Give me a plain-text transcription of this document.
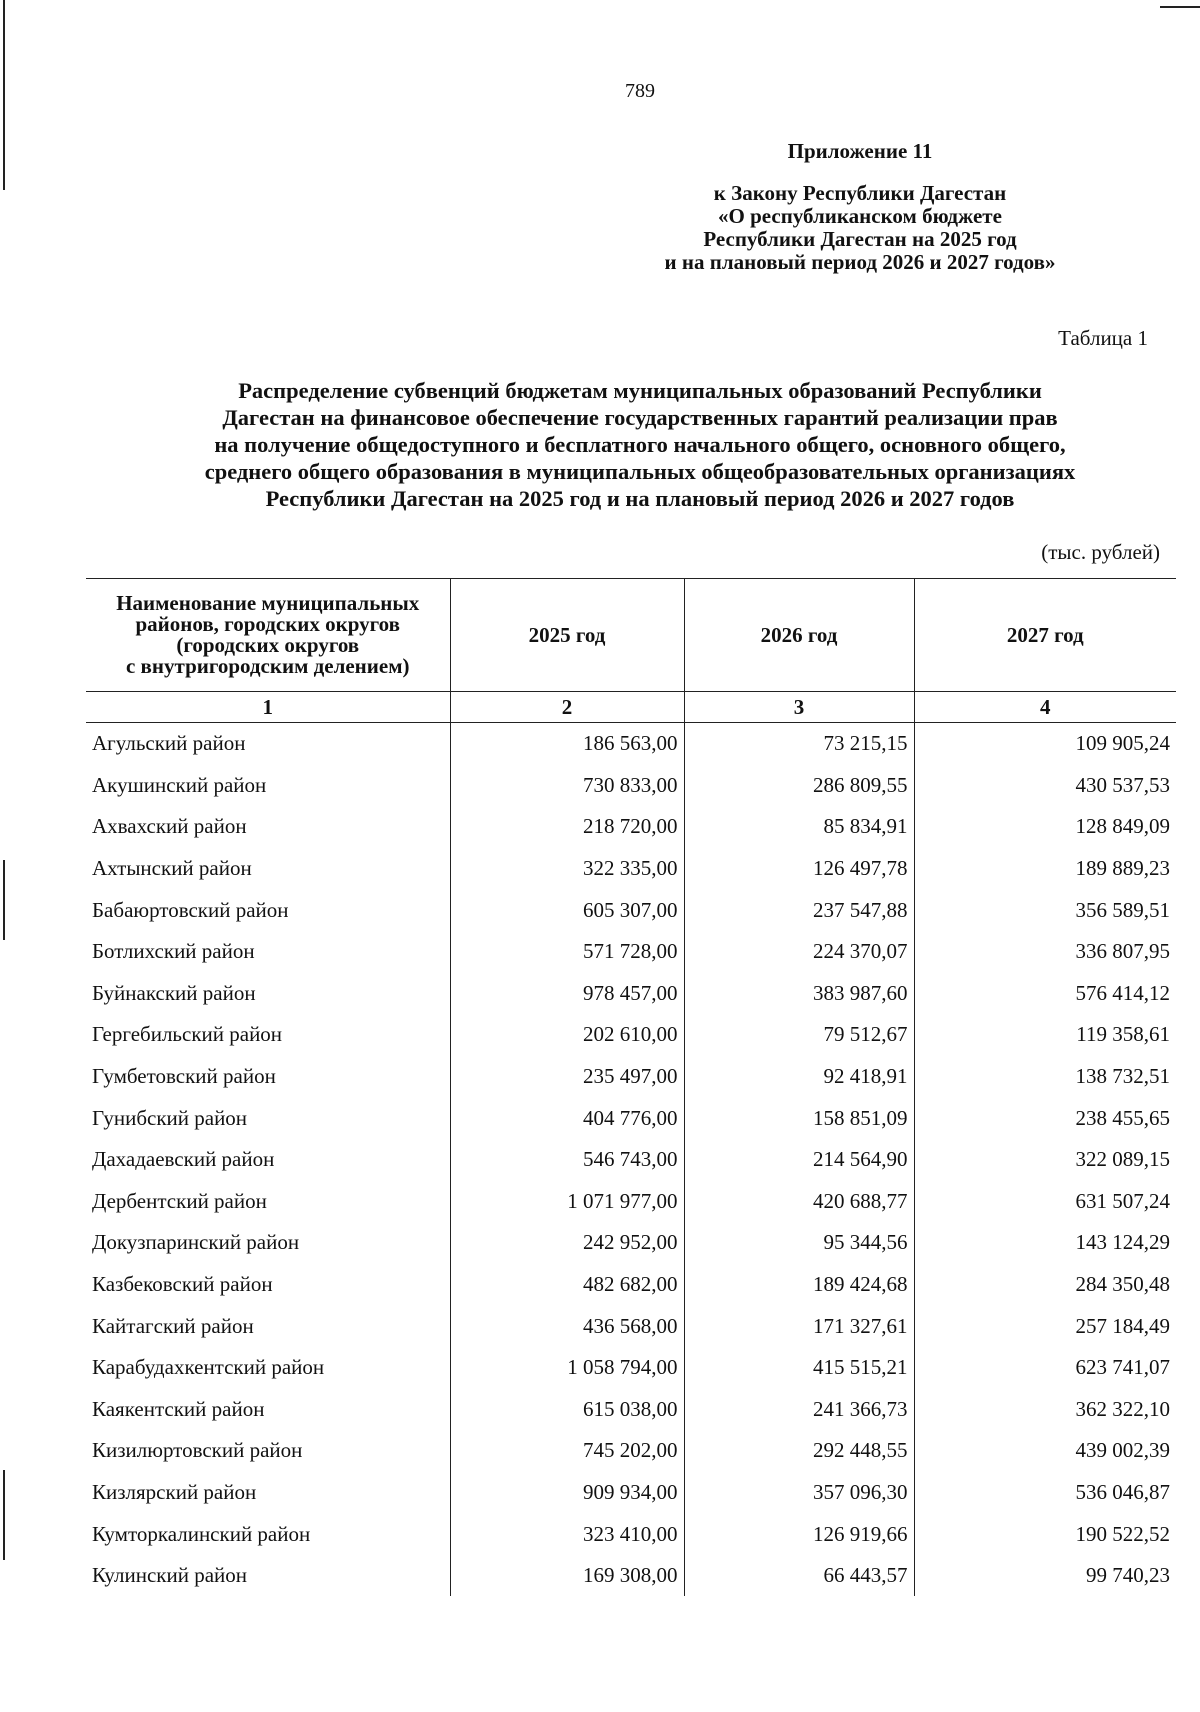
789
Приложение 11
к Закону Республики Дагестан
«О республиканском бюджете
Республики Дагестан на 2025 год
и на плановый период 2026 и 2027 годов»
Таблица 1
Распределение субвенций бюджетам муниципальных образований Республики
Дагестан на финансовое обеспечение государственных гарантий реализации прав
на получение общедоступного и бесплатного начального общего, основного общего,
среднего общего образования в муниципальных общеобразовательных организациях
Республики Дагестан на 2025 год и на плановый период 2026 и 2027 годов
(тыс. рублей)
Наименование муниципальных
районов, городских округов
(городских округов
с внутригородским делением)	2025 год	2026 год	2027 год
1	2	3	4
Агульский район	186 563,00	73 215,15	109 905,24
Акушинский район	730 833,00	286 809,55	430 537,53
Ахвахский район	218 720,00	85 834,91	128 849,09
Ахтынский район	322 335,00	126 497,78	189 889,23
Бабаюртовский район	605 307,00	237 547,88	356 589,51
Ботлихский район	571 728,00	224 370,07	336 807,95
Буйнакский район	978 457,00	383 987,60	576 414,12
Гергебильский район	202 610,00	79 512,67	119 358,61
Гумбетовский район	235 497,00	92 418,91	138 732,51
Гунибский район	404 776,00	158 851,09	238 455,65
Дахадаевский район	546 743,00	214 564,90	322 089,15
Дербентский район	1 071 977,00	420 688,77	631 507,24
Докузпаринский район	242 952,00	95 344,56	143 124,29
Казбековский район	482 682,00	189 424,68	284 350,48
Кайтагский район	436 568,00	171 327,61	257 184,49
Карабудахкентский район	1 058 794,00	415 515,21	623 741,07
Каякентский район	615 038,00	241 366,73	362 322,10
Кизилюртовский район	745 202,00	292 448,55	439 002,39
Кизлярский район	909 934,00	357 096,30	536 046,87
Кумторкалинский район	323 410,00	126 919,66	190 522,52
Кулинский район	169 308,00	66 443,57	99 740,23
